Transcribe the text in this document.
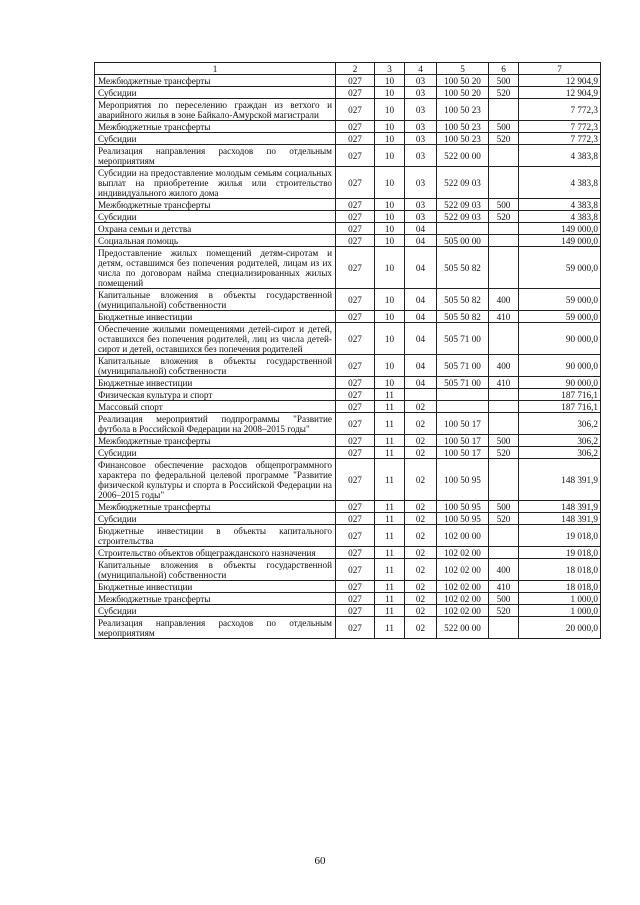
1	2	3	4	5	6	7
Межбюджетные трансферты	027	10	03	100 50 20	500	12 904,9
Субсидии	027	10	03	100 50 20	520	12 904,9
Мероприятия по переселению граждан из ветхого и аварийного жилья в зоне Байкало-Амурской магистрали	027	10	03	100 50 23		7 772,3
Межбюджетные трансферты	027	10	03	100 50 23	500	7 772,3
Субсидии	027	10	03	100 50 23	520	7 772,3
Реализация направления расходов по отдельным мероприятиям	027	10	03	522 00 00		4 383,8
Субсидии на предоставление молодым семьям социальных выплат на приобретение жилья или строительство индивидуального жилого дома	027	10	03	522 09 03		4 383,8
Межбюджетные трансферты	027	10	03	522 09 03	500	4 383,8
Субсидии	027	10	03	522 09 03	520	4 383,8
Охрана семьи и детства	027	10	04			149 000,0
Социальная помощь	027	10	04	505 00 00		149 000,0
Предоставление жилых помещений детям-сиротам и детям, оставшимся без попечения родителей, лицам из их числа по договорам найма специализированных жилых помещений	027	10	04	505 50 82		59 000,0
Капитальные вложения в объекты государственной (муниципальной) собственности	027	10	04	505 50 82	400	59 000,0
Бюджетные инвестиции	027	10	04	505 50 82	410	59 000,0
Обеспечение жилыми помещениями детей-сирот и детей, оставшихся без попечения родителей, лиц из числа детей-сирот и детей, оставшихся без попечения родителей	027	10	04	505 71 00		90 000,0
Капитальные вложения в объекты государственной (муниципальной) собственности	027	10	04	505 71 00	400	90 000,0
Бюджетные инвестиции	027	10	04	505 71 00	410	90 000,0
Физическая культура и спорт	027	11				187 716,1
Массовый спорт	027	11	02			187 716,1
Реализация мероприятий подпрограммы "Развитие футбола в Российской Федерации на 2008–2015 годы"	027	11	02	100 50 17		306,2
Межбюджетные трансферты	027	11	02	100 50 17	500	306,2
Субсидии	027	11	02	100 50 17	520	306,2
Финансовое обеспечение расходов общепрограммного характера по федеральной целевой программе "Развитие физической культуры и спорта в Российской Федерации на 2006–2015 годы"	027	11	02	100 50 95		148 391,9
Межбюджетные трансферты	027	11	02	100 50 95	500	148 391,9
Субсидии	027	11	02	100 50 95	520	148 391,9
Бюджетные инвестиции в объекты капитального строительства	027	11	02	102 00 00		19 018,0
Строительство объектов общегражданского назначения	027	11	02	102 02 00		19 018,0
Капитальные вложения в объекты государственной (муниципальной) собственности	027	11	02	102 02 00	400	18 018,0
Бюджетные инвестиции	027	11	02	102 02 00	410	18 018,0
Межбюджетные трансферты	027	11	02	102 02 00	500	1 000,0
Субсидии	027	11	02	102 02 00	520	1 000,0
Реализация направления расходов по отдельным мероприятиям	027	11	02	522 00 00		20 000,0
60
